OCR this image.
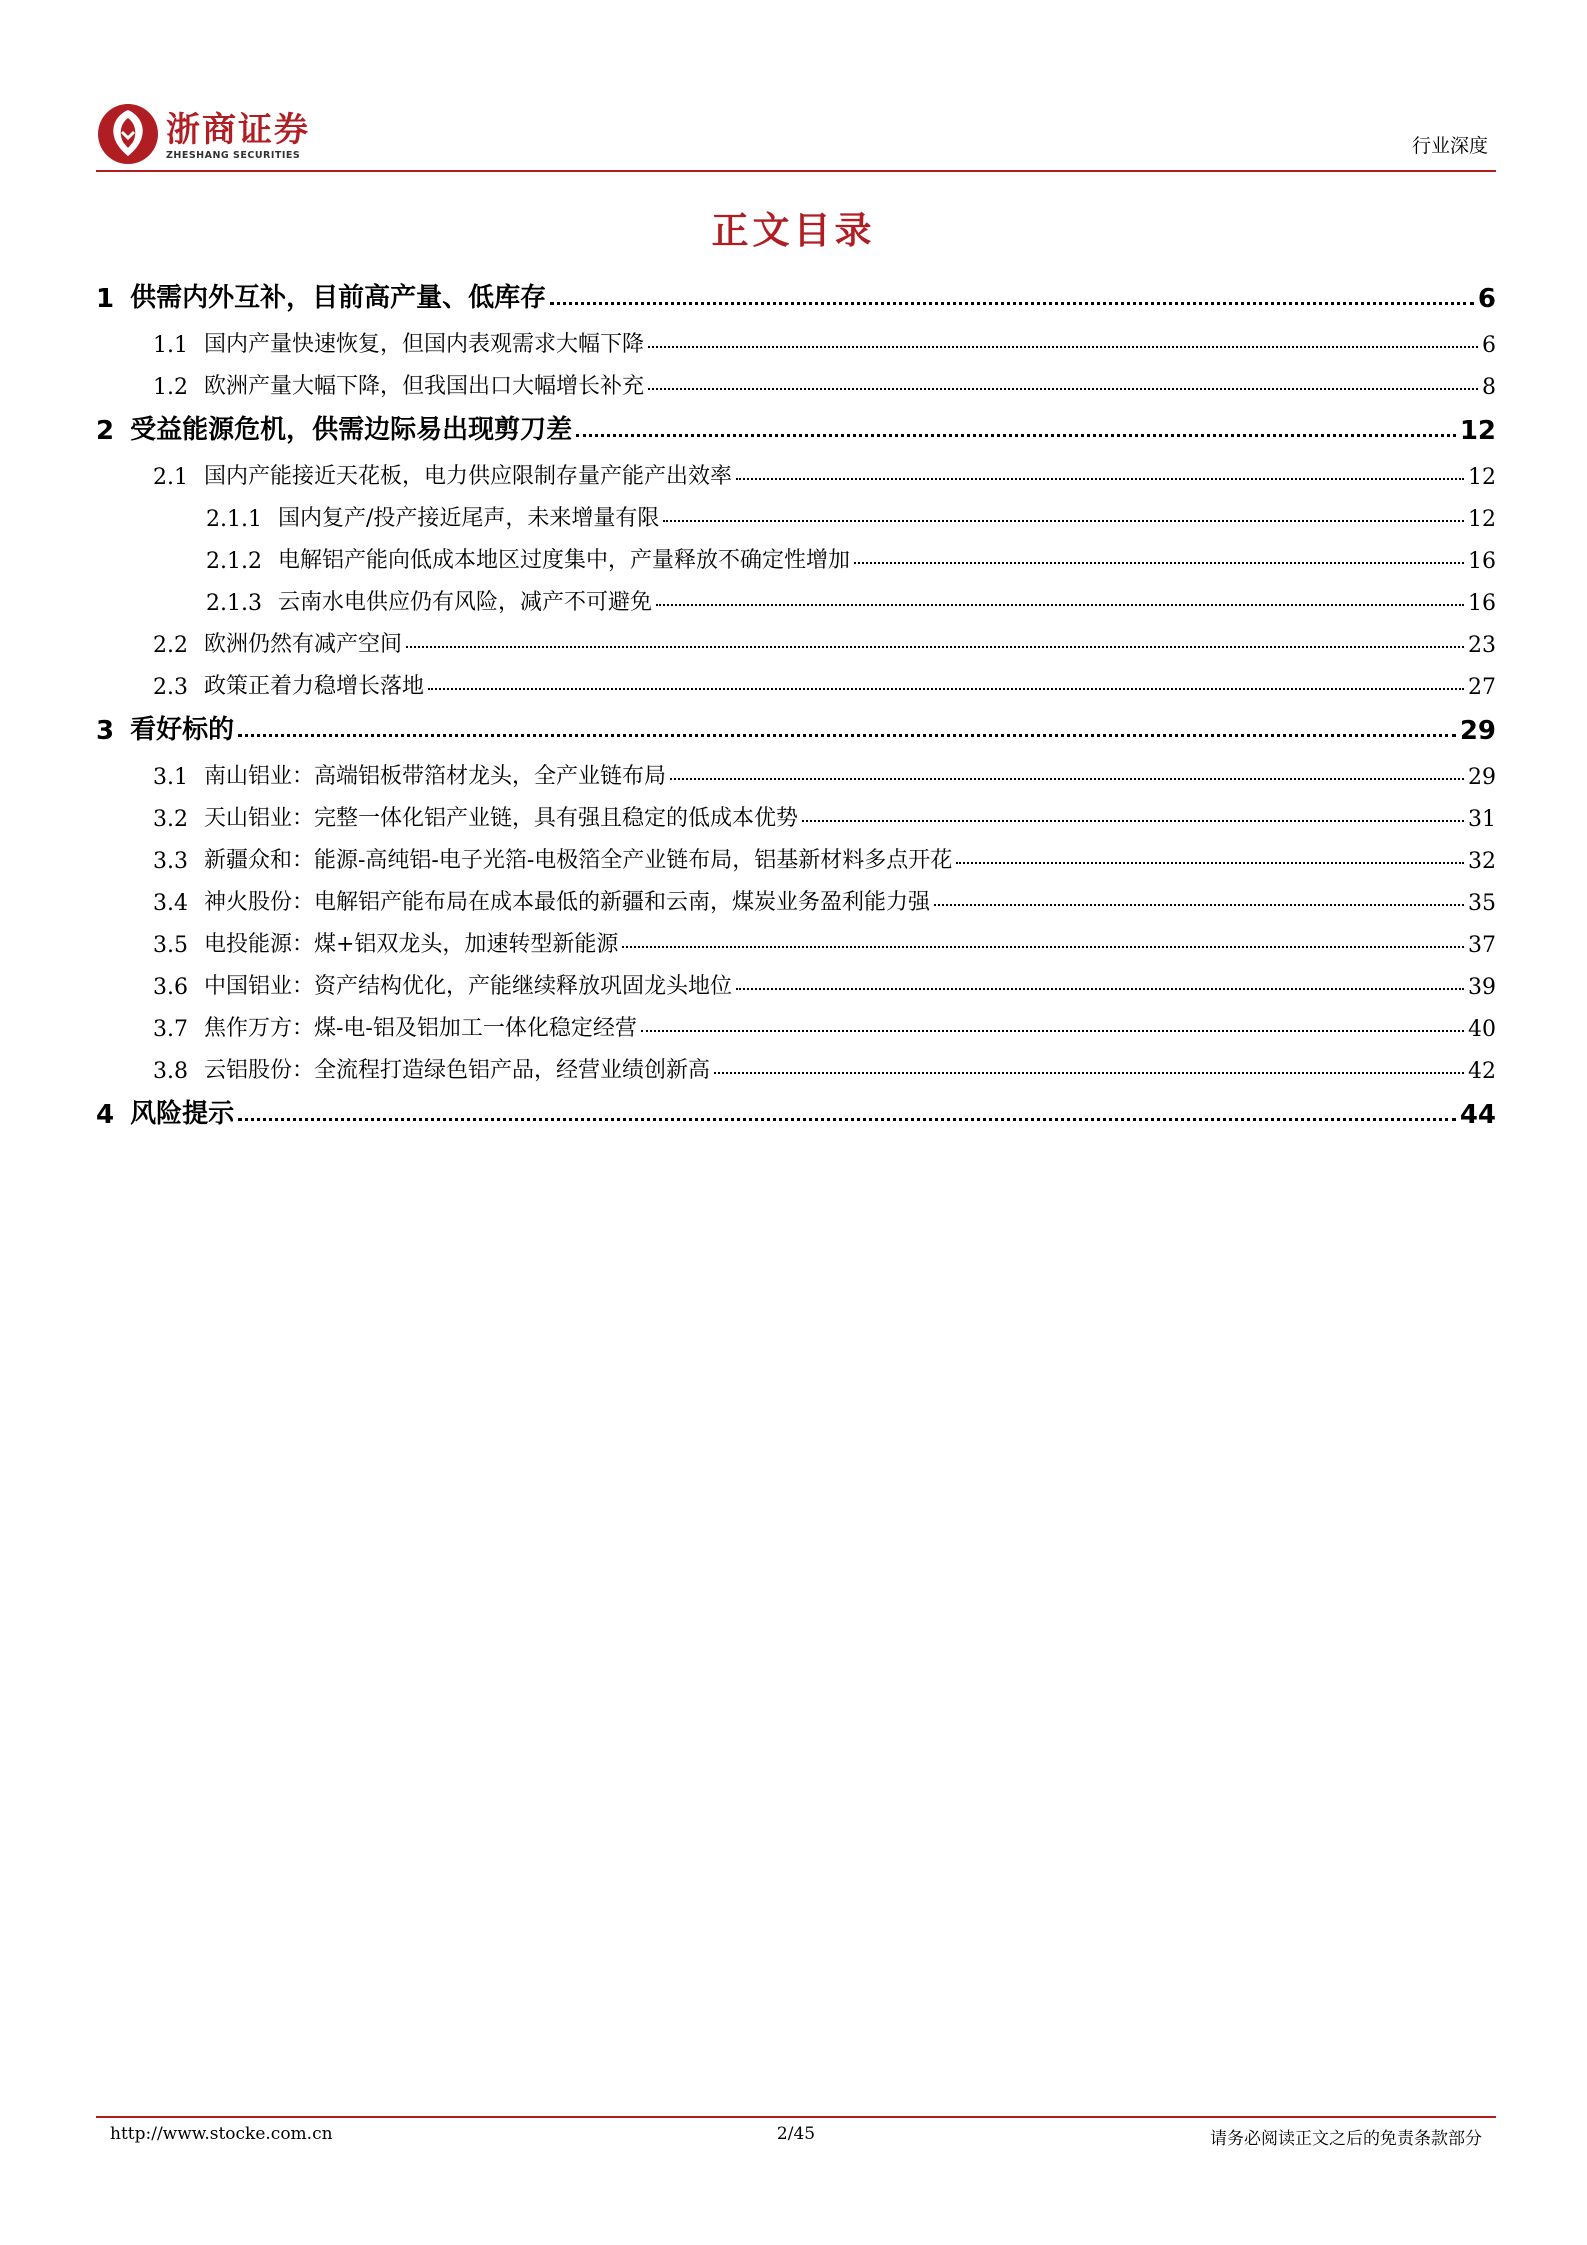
浙商证券
ZHESHANG SECURITIES	行业深度
正文目录
1 供需内外互补，目前高产量、低库存	6
1.1 国内产量快速恢复，但国内表观需求大幅下降	6
1.2 欧洲产量大幅下降，但我国出口大幅增长补充	8
2 受益能源危机，供需边际易出现剪刀差	12
2.1 国内产能接近天花板，电力供应限制存量产能产出效率	12
2.1.1 国内复产/投产接近尾声，未来增量有限	12
2.1.2 电解铝产能向低成本地区过度集中，产量释放不确定性增加	16
2.1.3 云南水电供应仍有风险，减产不可避免	16
2.2 欧洲仍然有减产空间	23
2.3 政策正着力稳增长落地	27
3 看好标的	29
3.1 南山铝业：高端铝板带箔材龙头，全产业链布局	29
3.2 天山铝业：完整一体化铝产业链，具有强且稳定的低成本优势	31
3.3 新疆众和：能源-高纯铝-电子光箔-电极箔全产业链布局，铝基新材料多点开花	32
3.4 神火股份：电解铝产能布局在成本最低的新疆和云南，煤炭业务盈利能力强	35
3.5 电投能源：煤+铝双龙头，加速转型新能源	37
3.6 中国铝业：资产结构优化，产能继续释放巩固龙头地位	39
3.7 焦作万方：煤-电-铝及铝加工一体化稳定经营	40
3.8 云铝股份：全流程打造绿色铝产品，经营业绩创新高	42
4 风险提示	44
http://www.stocke.com.cn	2/45	请务必阅读正文之后的免责条款部分
